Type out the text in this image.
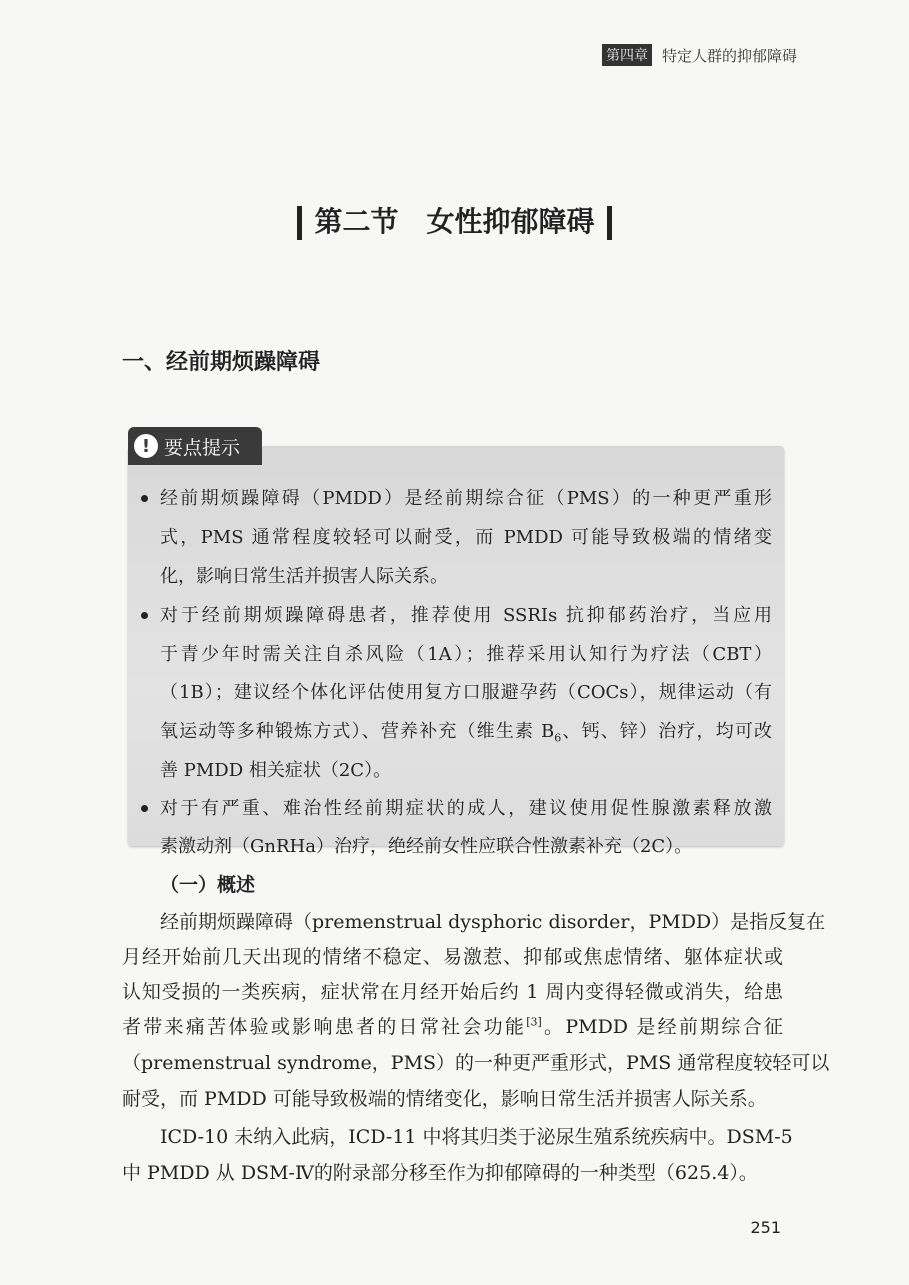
第四章 特定人群的抑郁障碍
第二节　女性抑郁障碍
一、经前期烦躁障碍
! 要点提示
经前期烦躁障碍（PMDD）是经前期综合征（PMS）的一种更严重形
式，PMS 通常程度较轻可以耐受，而 PMDD 可能导致极端的情绪变
化，影响日常生活并损害人际关系。
对于经前期烦躁障碍患者，推荐使用 SSRIs 抗抑郁药治疗，当应用
于青少年时需关注自杀风险（1A）；推荐采用认知行为疗法（CBT）
（1B）；建议经个体化评估使用复方口服避孕药（COCs），规律运动（有
氧运动等多种锻炼方式）、营养补充（维生素 $B_6$、钙、锌）治疗，均可改
善 PMDD 相关症状（2C）。
对于有严重、难治性经前期症状的成人，建议使用促性腺激素释放激
素激动剂（GnRHa）治疗，绝经前女性应联合性激素补充（2C）。
（一）概述
经前期烦躁障碍（premenstrual dysphoric disorder，PMDD）是指反复在
月经开始前几天出现的情绪不稳定、易激惹、抑郁或焦虑情绪、躯体症状或
认知受损的一类疾病，症状常在月经开始后约 1 周内变得轻微或消失，给患
者带来痛苦体验或影响患者的日常社会功能[3]。PMDD 是经前期综合征
（premenstrual syndrome，PMS）的一种更严重形式，PMS 通常程度较轻可以
耐受，而 PMDD 可能导致极端的情绪变化，影响日常生活并损害人际关系。
ICD-10 未纳入此病，ICD-11 中将其归类于泌尿生殖系统疾病中。DSM-5
中 PMDD 从 DSM-Ⅳ的附录部分移至作为抑郁障碍的一种类型（625.4）。
251
